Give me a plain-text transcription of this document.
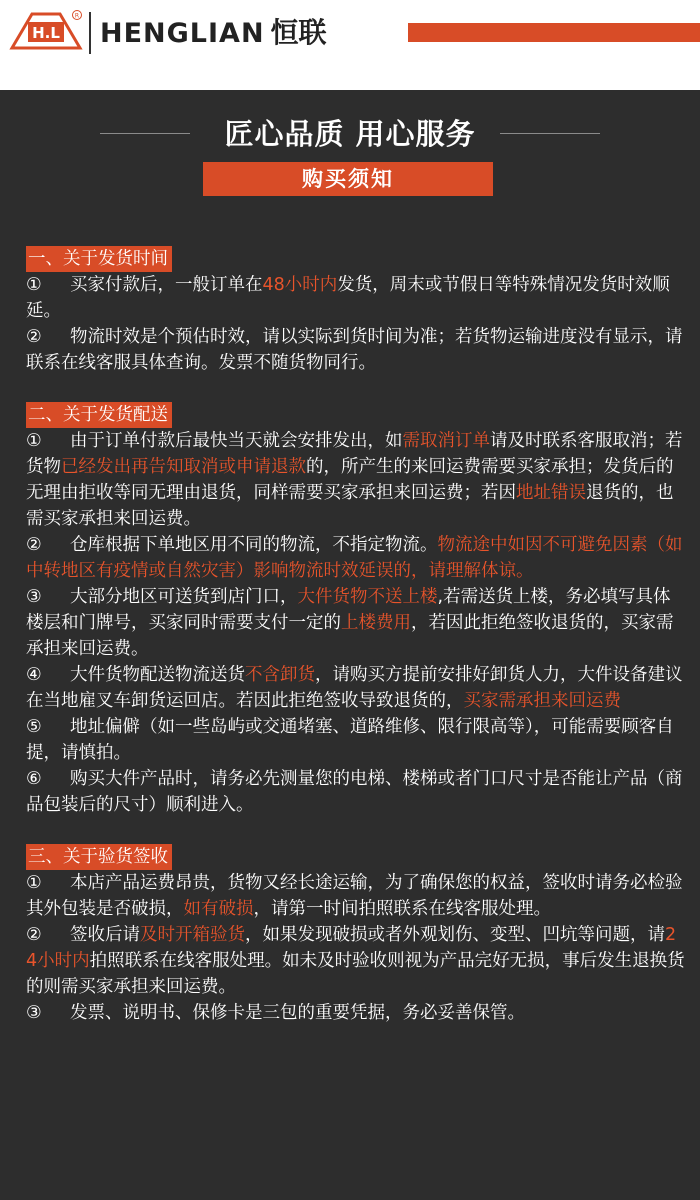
H.L
R
HENGLIAN 恒联
匠心品质 用心服务
购买须知
一、关于发货时间
① 买家付款后，一般订单在48小时内发货，周末或节假日等特殊情况发货时效顺延。
② 物流时效是个预估时效，请以实际到货时间为准；若货物运输进度没有显示，请联系在线客服具体查询。发票不随货物同行。
二、关于发货配送
① 由于订单付款后最快当天就会安排发出，如需取消订单请及时联系客服取消；若货物已经发出再告知取消或申请退款的，所产生的来回运费需要买家承担；发货后的无理由拒收等同无理由退货，同样需要买家承担来回运费；若因地址错误退货的，也需买家承担来回运费。
② 仓库根据下单地区用不同的物流，不指定物流。物流途中如因不可避免因素（如中转地区有疫情或自然灾害）影响物流时效延误的，请理解体谅。
③ 大部分地区可送货到店门口，大件货物不送上楼,若需送货上楼，务必填写具体楼层和门牌号，买家同时需要支付一定的上楼费用，若因此拒绝签收退货的，买家需承担来回运费。
④ 大件货物配送物流送货不含卸货，请购买方提前安排好卸货人力，大件设备建议在当地雇叉车卸货运回店。若因此拒绝签收导致退货的，买家需承担来回运费
⑤ 地址偏僻（如一些岛屿或交通堵塞、道路维修、限行限高等），可能需要顾客自提，请慎拍。
⑥ 购买大件产品时，请务必先测量您的电梯、楼梯或者门口尺寸是否能让产品（商品包装后的尺寸）顺利进入。
三、关于验货签收
① 本店产品运费昂贵，货物又经长途运输，为了确保您的权益，签收时请务必检验其外包装是否破损，如有破损，请第一时间拍照联系在线客服处理。
② 签收后请及时开箱验货，如果发现破损或者外观划伤、变型、凹坑等问题，请24小时内拍照联系在线客服处理。如未及时验收则视为产品完好无损，事后发生退换货的则需买家承担来回运费。
③ 发票、说明书、保修卡是三包的重要凭据，务必妥善保管。
